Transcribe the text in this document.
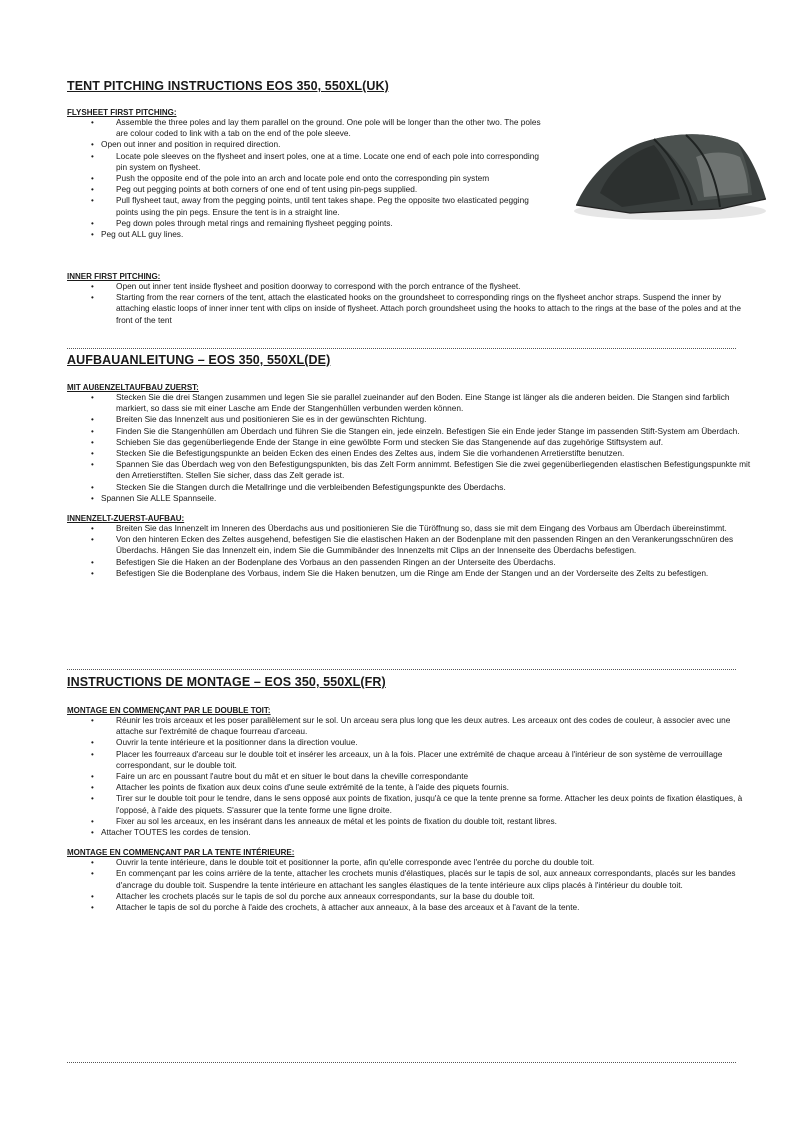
TENT PITCHING INSTRUCTIONS EOS 350, 550XL(UK)
FLYSHEET FIRST PITCHING:
• Assemble the three poles and lay them parallel on the ground. One pole will be longer than the other two. The poles are colour coded to link with a tab on the end of the pole sleeve.
• Open out inner and position in required direction.
• Locate pole sleeves on the flysheet and insert poles, one at a time. Locate one end of each pole into corresponding pin system on flysheet.
• Push the opposite end of the pole into an arch and locate pole end onto the corresponding pin system
• Peg out pegging points at both corners of one end of tent using pin-pegs supplied.
• Pull flysheet taut, away from the pegging points, until tent takes shape. Peg the opposite two elasticated pegging points using the pin pegs. Ensure the tent is in a straight line.
• Peg down poles through metal rings and remaining flysheet pegging points.
• Peg out ALL guy lines.
INNER FIRST PITCHING:
• Open out inner tent inside flysheet and position doorway to correspond with the porch entrance of the flysheet.
• Starting from the rear corners of the tent, attach the elasticated hooks on the groundsheet to corresponding rings on the flysheet anchor straps. Suspend the inner by attaching elastic loops of inner inner tent with clips on inside of flysheet. Attach porch groundsheet using the hooks to attach to the rings at the base of the poles and at the front of the tent
AUFBAUANLEITUNG – EOS 350, 550XL(DE)
MIT AUßENZELTAUFBAU ZUERST:
• Stecken Sie die drei Stangen zusammen und legen Sie sie parallel zueinander auf den Boden. Eine Stange ist länger als die anderen beiden. Die Stangen sind farblich markiert, so dass sie mit einer Lasche am Ende der Stangenhüllen verbunden werden können.
• Breiten Sie das Innenzelt aus und positionieren Sie es in der gewünschten Richtung.
• Finden Sie die Stangenhüllen am Überdach und führen Sie die Stangen ein, jede einzeln. Befestigen Sie ein Ende jeder Stange im passenden Stift-System am Überdach.
• Schieben Sie das gegenüberliegende Ende der Stange in eine gewölbte Form und stecken Sie das Stangenende auf das zugehörige Stiftsystem auf.
• Stecken Sie die Befestigungspunkte an beiden Ecken des einen Endes des Zeltes aus, indem Sie die vorhandenen Arretierstifte benutzen.
• Spannen Sie das Überdach weg von den Befestigungspunkten, bis das Zelt Form annimmt. Befestigen Sie die zwei gegenüberliegenden elastischen Befestigungspunkte mit den Arretierstiften. Stellen Sie sicher, dass das Zelt gerade ist.
• Stecken Sie die Stangen durch die Metallringe und die verbleibenden Befestigungspunkte des Überdachs.
• Spannen Sie ALLE Spannseile.
INNENZELT-ZUERST-AUFBAU:
• Breiten Sie das Innenzelt im Inneren des Überdachs aus und positionieren Sie die Türöffnung so, dass sie mit dem Eingang des Vorbaus am Überdach übereinstimmt.
• Von den hinteren Ecken des Zeltes ausgehend, befestigen Sie die elastischen Haken an der Bodenplane mit den passenden Ringen an den Verankerungsschnüren des Überdachs. Hängen Sie das Innenzelt ein, indem Sie die Gummibänder des Innenzelts mit Clips an der Innenseite des Überdachs befestigen.
• Befestigen Sie die Haken an der Bodenplane des Vorbaus an den passenden Ringen an der Unterseite des Überdachs.
• Befestigen Sie die Bodenplane des Vorbaus, indem Sie die Haken benutzen, um die Ringe am Ende der Stangen und an der Vorderseite des Zelts zu befestigen.
INSTRUCTIONS DE MONTAGE – EOS 350, 550XL(FR)
MONTAGE EN COMMENÇANT PAR LE DOUBLE TOIT:
• Réunir les trois arceaux et les poser parallèlement sur le sol. Un arceau sera plus long que les deux autres. Les arceaux ont des codes de couleur, à associer avec une attache sur l'extrémité de chaque fourreau d'arceau.
• Ouvrir la tente intérieure et la positionner dans la direction voulue.
• Placer les fourreaux d'arceau sur le double toit et insérer les arceaux, un à la fois. Placer une extrémité de chaque arceau à l'intérieur de son système de verrouillage correspondant, sur le double toit.
• Faire un arc en poussant l'autre bout du mât et en situer le bout dans la cheville correspondante
• Attacher les points de fixation aux deux coins d'une seule extrémité de la tente, à l'aide des piquets fournis.
• Tirer sur le double toit pour le tendre, dans le sens opposé aux points de fixation, jusqu'à ce que la tente prenne sa forme. Attacher les deux points de fixation élastiques, à l'opposé, à l'aide des piquets. S'assurer que la tente forme une ligne droite.
• Fixer au sol les arceaux, en les insérant dans les anneaux de métal et les points de fixation du double toit, restant libres.
• Attacher TOUTES les cordes de tension.
MONTAGE EN COMMENÇANT PAR LA TENTE INTÉRIEURE:
• Ouvrir la tente intérieure, dans le double toit et positionner la porte, afin qu'elle corresponde avec l'entrée du porche du double toit.
• En commençant par les coins arrière de la tente, attacher les crochets munis d'élastiques, placés sur le tapis de sol, aux anneaux correspondants, placés sur les bandes d'ancrage du double toit. Suspendre la tente intérieure en attachant les sangles élastiques de la tente intérieure aux clips placés à l'intérieur du double toit.
• Attacher les crochets placés sur le tapis de sol du porche aux anneaux correspondants, sur la base du double toit.
• Attacher le tapis de sol du porche à l'aide des crochets, à attacher aux anneaux, à la base des arceaux et à l'avant de la tente.
